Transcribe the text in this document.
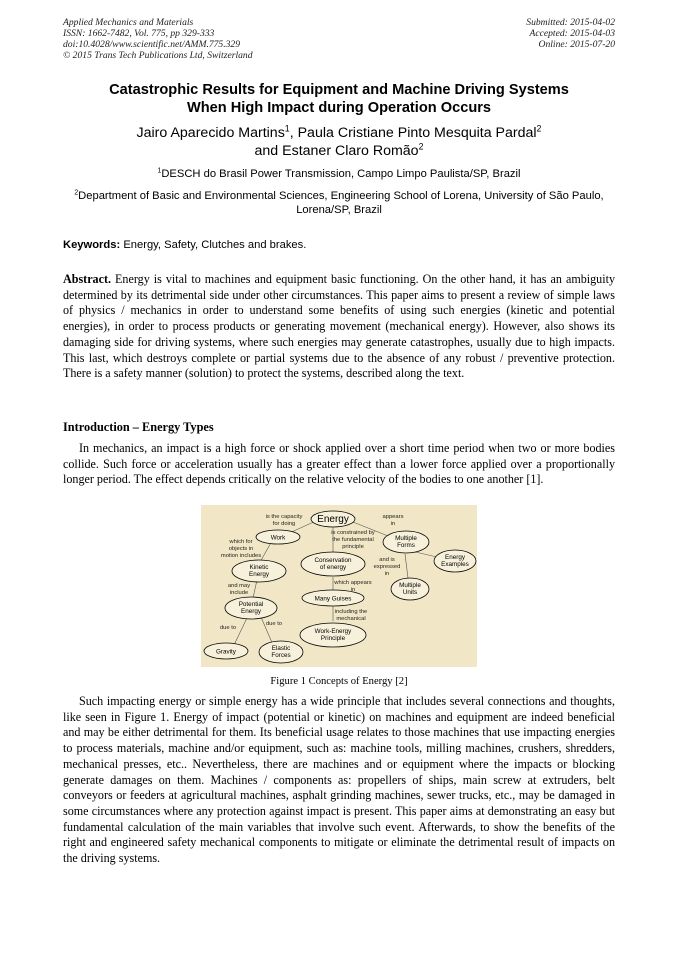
Applied Mechanics and Materials
ISSN: 1662-7482, Vol. 775, pp 329-333
doi:10.4028/www.scientific.net/AMM.775.329
© 2015 Trans Tech Publications Ltd, Switzerland
Submitted: 2015-04-02
Accepted: 2015-04-03
Online: 2015-07-20
Catastrophic Results for Equipment and Machine Driving Systems
When High Impact during Operation Occurs
Jairo Aparecido Martins$^1$, Paula Cristiane Pinto Mesquita Pardal$^2$
and Estaner Claro Romão$^2$
$^1$DESCH do Brasil Power Transmission, Campo Limpo Paulista/SP, Brazil
$^2$Department of Basic and Environmental Sciences, Engineering School of Lorena, University of São Paulo, Lorena/SP, Brazil
Keywords: Energy, Safety, Clutches and brakes.
Abstract. Energy is vital to machines and equipment basic functioning. On the other hand, it has an ambiguity determined by its detrimental side under other circumstances. This paper aims to present a review of simple laws of physics / mechanics in order to understand some benefits of using such energies (kinetic and potential energies), in order to process products or generating movement (mechanical energy). However, also shows its damaging side for driving systems, where such energies may generate catastrophes, usually due to high impacts. This last, which destroys complete or partial systems due to the absence of any robust / preventive protection. There is a safety manner (solution) to protect the systems, described along the text.
Introduction – Energy Types
In mechanics, an impact is a high force or shock applied over a short time period when two or more bodies collide. Such force or acceleration usually has a greater effect than a lower force applied over a proportionally longer period. The effect depends critically on the relative velocity of the bodies to one another [1].
Energy
Work
Kinetic
Energy
Potential
Energy
Gravity	Elastic
Forces
Conservation
of energy
Many Guises
Work-Energy
Principle
Multiple
Forms
Energy
Examples
Multiple
Units
is the capacity
for doing
appears
in
is constrained by
the fundamental
principle
which for
objects in
motion includes
and may
include
due to
due to
which appears
in
including the
mechanical
and is
expressed
in
Figure 1 Concepts of Energy [2]
Such impacting energy or simple energy has a wide principle that includes several connections and thoughts, like seen in Figure 1. Energy of impact (potential or kinetic) on machines and equipment are indeed beneficial and may be either detrimental for them. Its beneficial usage relates to those machines that use impacting energies to process materials, machine and/or equipment, such as: machine tools, milling machines, crushers, shredders, mechanical presses, etc.. Nevertheless, there are machines and or equipment where the impacts or blocking generate damages on them. Machines / components as: propellers of ships, main screw at extruders, belt conveyors or feeders at agricultural machines, asphalt grinding machines, sewer trucks, etc., may be damaged in some circumstances where any protection against impact is present. This paper aims at demonstrating an easy but fundamental calculation of the main variables that involve such event. Afterwards, to show the benefits of the right and engineered safety mechanical components to mitigate or eliminate the detrimental result of impacts on the driving systems.
